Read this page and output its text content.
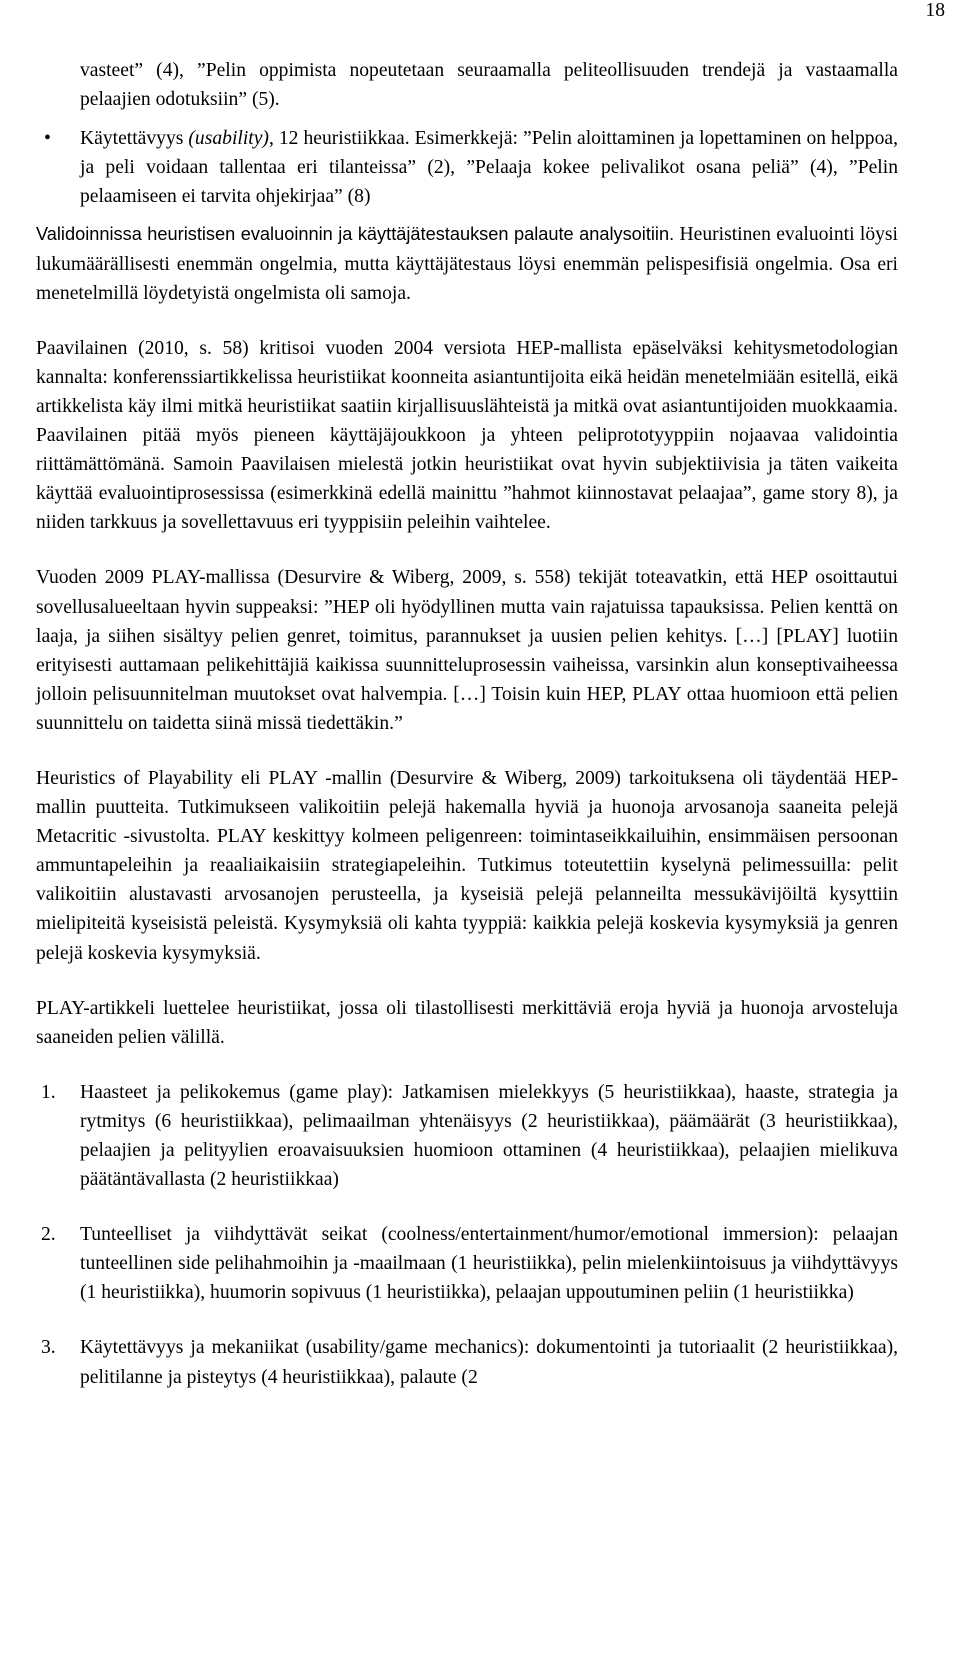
18
vasteet” (4), ”Pelin oppimista nopeutetaan seuraamalla peliteollisuuden trendejä ja vastaamalla pelaajien odotuksiin” (5).
• Käytettävyys (usability), 12 heuristiikkaa. Esimerkkejä: ”Pelin aloittaminen ja lopettaminen on helppoa, ja peli voidaan tallentaa eri tilanteissa” (2), ”Pelaaja kokee pelivalikot osana peliä” (4), ”Pelin pelaamiseen ei tarvita ohjekirjaa” (8)

Validoinnissa heuristisen evaluoinnin ja käyttäjätestauksen palaute analysoitiin. Heuristinen evaluointi löysi lukumäärällisesti enemmän ongelmia, mutta käyttäjätestaus löysi enemmän pelispesifisiä ongelmia. Osa eri menetelmillä löydetyistä ongelmista oli samoja.

Paavilainen (2010, s. 58) kritisoi vuoden 2004 versiota HEP-mallista epäselväksi kehitysmetodologian kannalta: konferenssiartikkelissa heuristiikat koonneita asiantuntijoita eikä heidän menetelmiään esitellä, eikä artikkelista käy ilmi mitkä heuristiikat saatiin kirjallisuuslähteistä ja mitkä ovat asiantuntijoiden muokkaamia. Paavilainen pitää myös pieneen käyttäjäjoukkoon ja yhteen peliprototyyppiin nojaavaa validointia riittämättömänä. Samoin Paavilaisen mielestä jotkin heuristiikat ovat hyvin subjektiivisia ja täten vaikeita käyttää evaluointiprosessissa (esimerkkinä edellä mainittu ”hahmot kiinnostavat pelaajaa”, game story 8), ja niiden tarkkuus ja sovellettavuus eri tyyppisiin peleihin vaihtelee.

Vuoden 2009 PLAY-mallissa (Desurvire & Wiberg, 2009, s. 558) tekijät toteavatkin, että HEP osoittautui sovellusalueeltaan hyvin suppeaksi: ”HEP oli hyödyllinen mutta vain rajatuissa tapauksissa. Pelien kenttä on laaja, ja siihen sisältyy pelien genret, toimitus, parannukset ja uusien pelien kehitys. […] [PLAY] luotiin erityisesti auttamaan pelikehittäjiä kaikissa suunnitteluprosessin vaiheissa, varsinkin alun konseptivaiheessa jolloin pelisuunnitelman muutokset ovat halvempia. […] Toisin kuin HEP, PLAY ottaa huomioon että pelien suunnittelu on taidetta siinä missä tiedettäkin.”

Heuristics of Playability eli PLAY -mallin (Desurvire & Wiberg, 2009) tarkoituksena oli täydentää HEP-mallin puutteita. Tutkimukseen valikoitiin pelejä hakemalla hyviä ja huonoja arvosanoja saaneita pelejä Metacritic -sivustolta. PLAY keskittyy kolmeen peligenreen: toimintaseikkailuihin, ensimmäisen persoonan ammuntapeleihin ja reaaliaikaisiin strategiapeleihin. Tutkimus toteutettiin kyselynä pelimessuilla: pelit valikoitiin alustavasti arvosanojen perusteella, ja kyseisiä pelejä pelanneilta messukävijöiltä kysyttiin mielipiteitä kyseisistä peleistä. Kysymyksiä oli kahta tyyppiä: kaikkia pelejä koskevia kysymyksiä ja genren pelejä koskevia kysymyksiä.

PLAY-artikkeli luettelee heuristiikat, jossa oli tilastollisesti merkittäviä eroja hyviä ja huonoja arvosteluja saaneiden pelien välillä.

1. Haasteet ja pelikokemus (game play): Jatkamisen mielekkyys (5 heuristiikkaa), haaste, strategia ja rytmitys (6 heuristiikkaa), pelimaailman yhtenäisyys (2 heuristiikkaa), päämäärät (3 heuristiikkaa), pelaajien ja pelityylien eroavaisuuksien huomioon ottaminen (4 heuristiikkaa), pelaajien mielikuva päätäntävallasta (2 heuristiikkaa)
2. Tunteelliset ja viihdyttävät seikat (coolness/entertainment/humor/emotional immersion): pelaajan tunteellinen side pelihahmoihin ja -maailmaan (1 heuristiikka), pelin mielenkiintoisuus ja viihdyttävyys (1 heuristiikka), huumorin sopivuus (1 heuristiikka), pelaajan uppoutuminen peliin (1 heuristiikka)
3. Käytettävyys ja mekaniikat (usability/game mechanics): dokumentointi ja tutoriaalit (2 heuristiikkaa), pelitilanne ja pisteytys (4 heuristiikkaa), palaute (2
